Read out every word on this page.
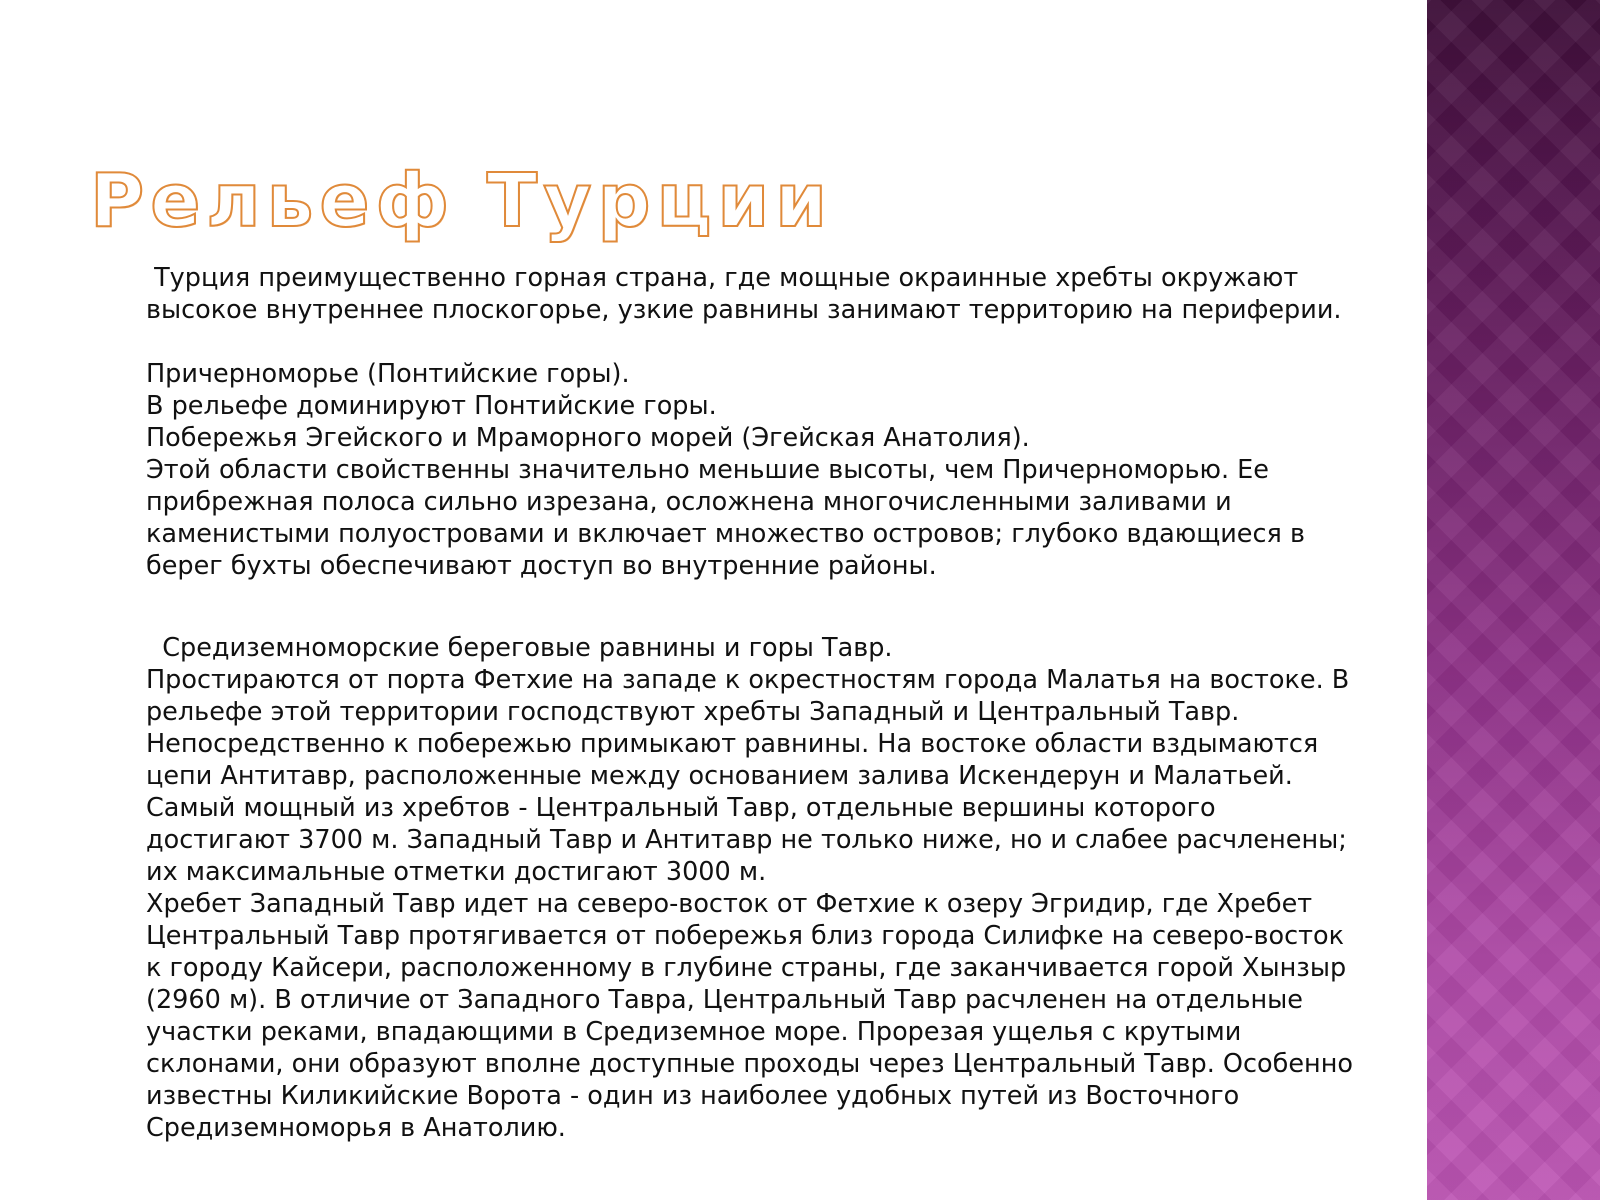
Рельеф Турции
Турция преимущественно горная страна, где мощные окраинные хребты окружают
высокое внутреннее плоскогорье, узкие равнины занимают территорию на периферии.
Причерноморье (Понтийские горы).
В рельефе доминируют Понтийские горы.
Побережья Эгейского и Мраморного морей (Эгейская Анатолия).
Этой области свойственны значительно меньшие высоты, чем Причерноморью. Ее
прибрежная полоса сильно изрезана, осложнена многочисленными заливами и
каменистыми полуостровами и включает множество островов; глубоко вдающиеся в
берег бухты обеспечивают доступ во внутренние районы.
Средиземноморские береговые равнины и горы Тавр.
Простираются от порта Фетхие на западе к окрестностям города Малатья на востоке. В
рельефе этой территории господствуют хребты Западный и Центральный Тавр.
Непосредственно к побережью примыкают равнины. На востоке области вздымаются
цепи Антитавр, расположенные между основанием залива Искендерун и Малатьей.
Самый мощный из хребтов - Центральный Тавр, отдельные вершины которого
достигают 3700 м. Западный Тавр и Антитавр не только ниже, но и слабее расчленены;
их максимальные отметки достигают 3000 м.
Хребет Западный Тавр идет на северо-восток от Фетхие к озеру Эгридир, где Хребет
Центральный Тавр протягивается от побережья близ города Силифке на северо-восток
к городу Кайсери, расположенному в глубине страны, где заканчивается горой Хынзыр
(2960 м). В отличие от Западного Тавра, Центральный Тавр расчленен на отдельные
участки реками, впадающими в Средиземное море. Прорезая ущелья с крутыми
склонами, они образуют вполне доступные проходы через Центральный Тавр. Особенно
известны Киликийские Ворота - один из наиболее удобных путей из Восточного
Средиземноморья в Анатолию.
